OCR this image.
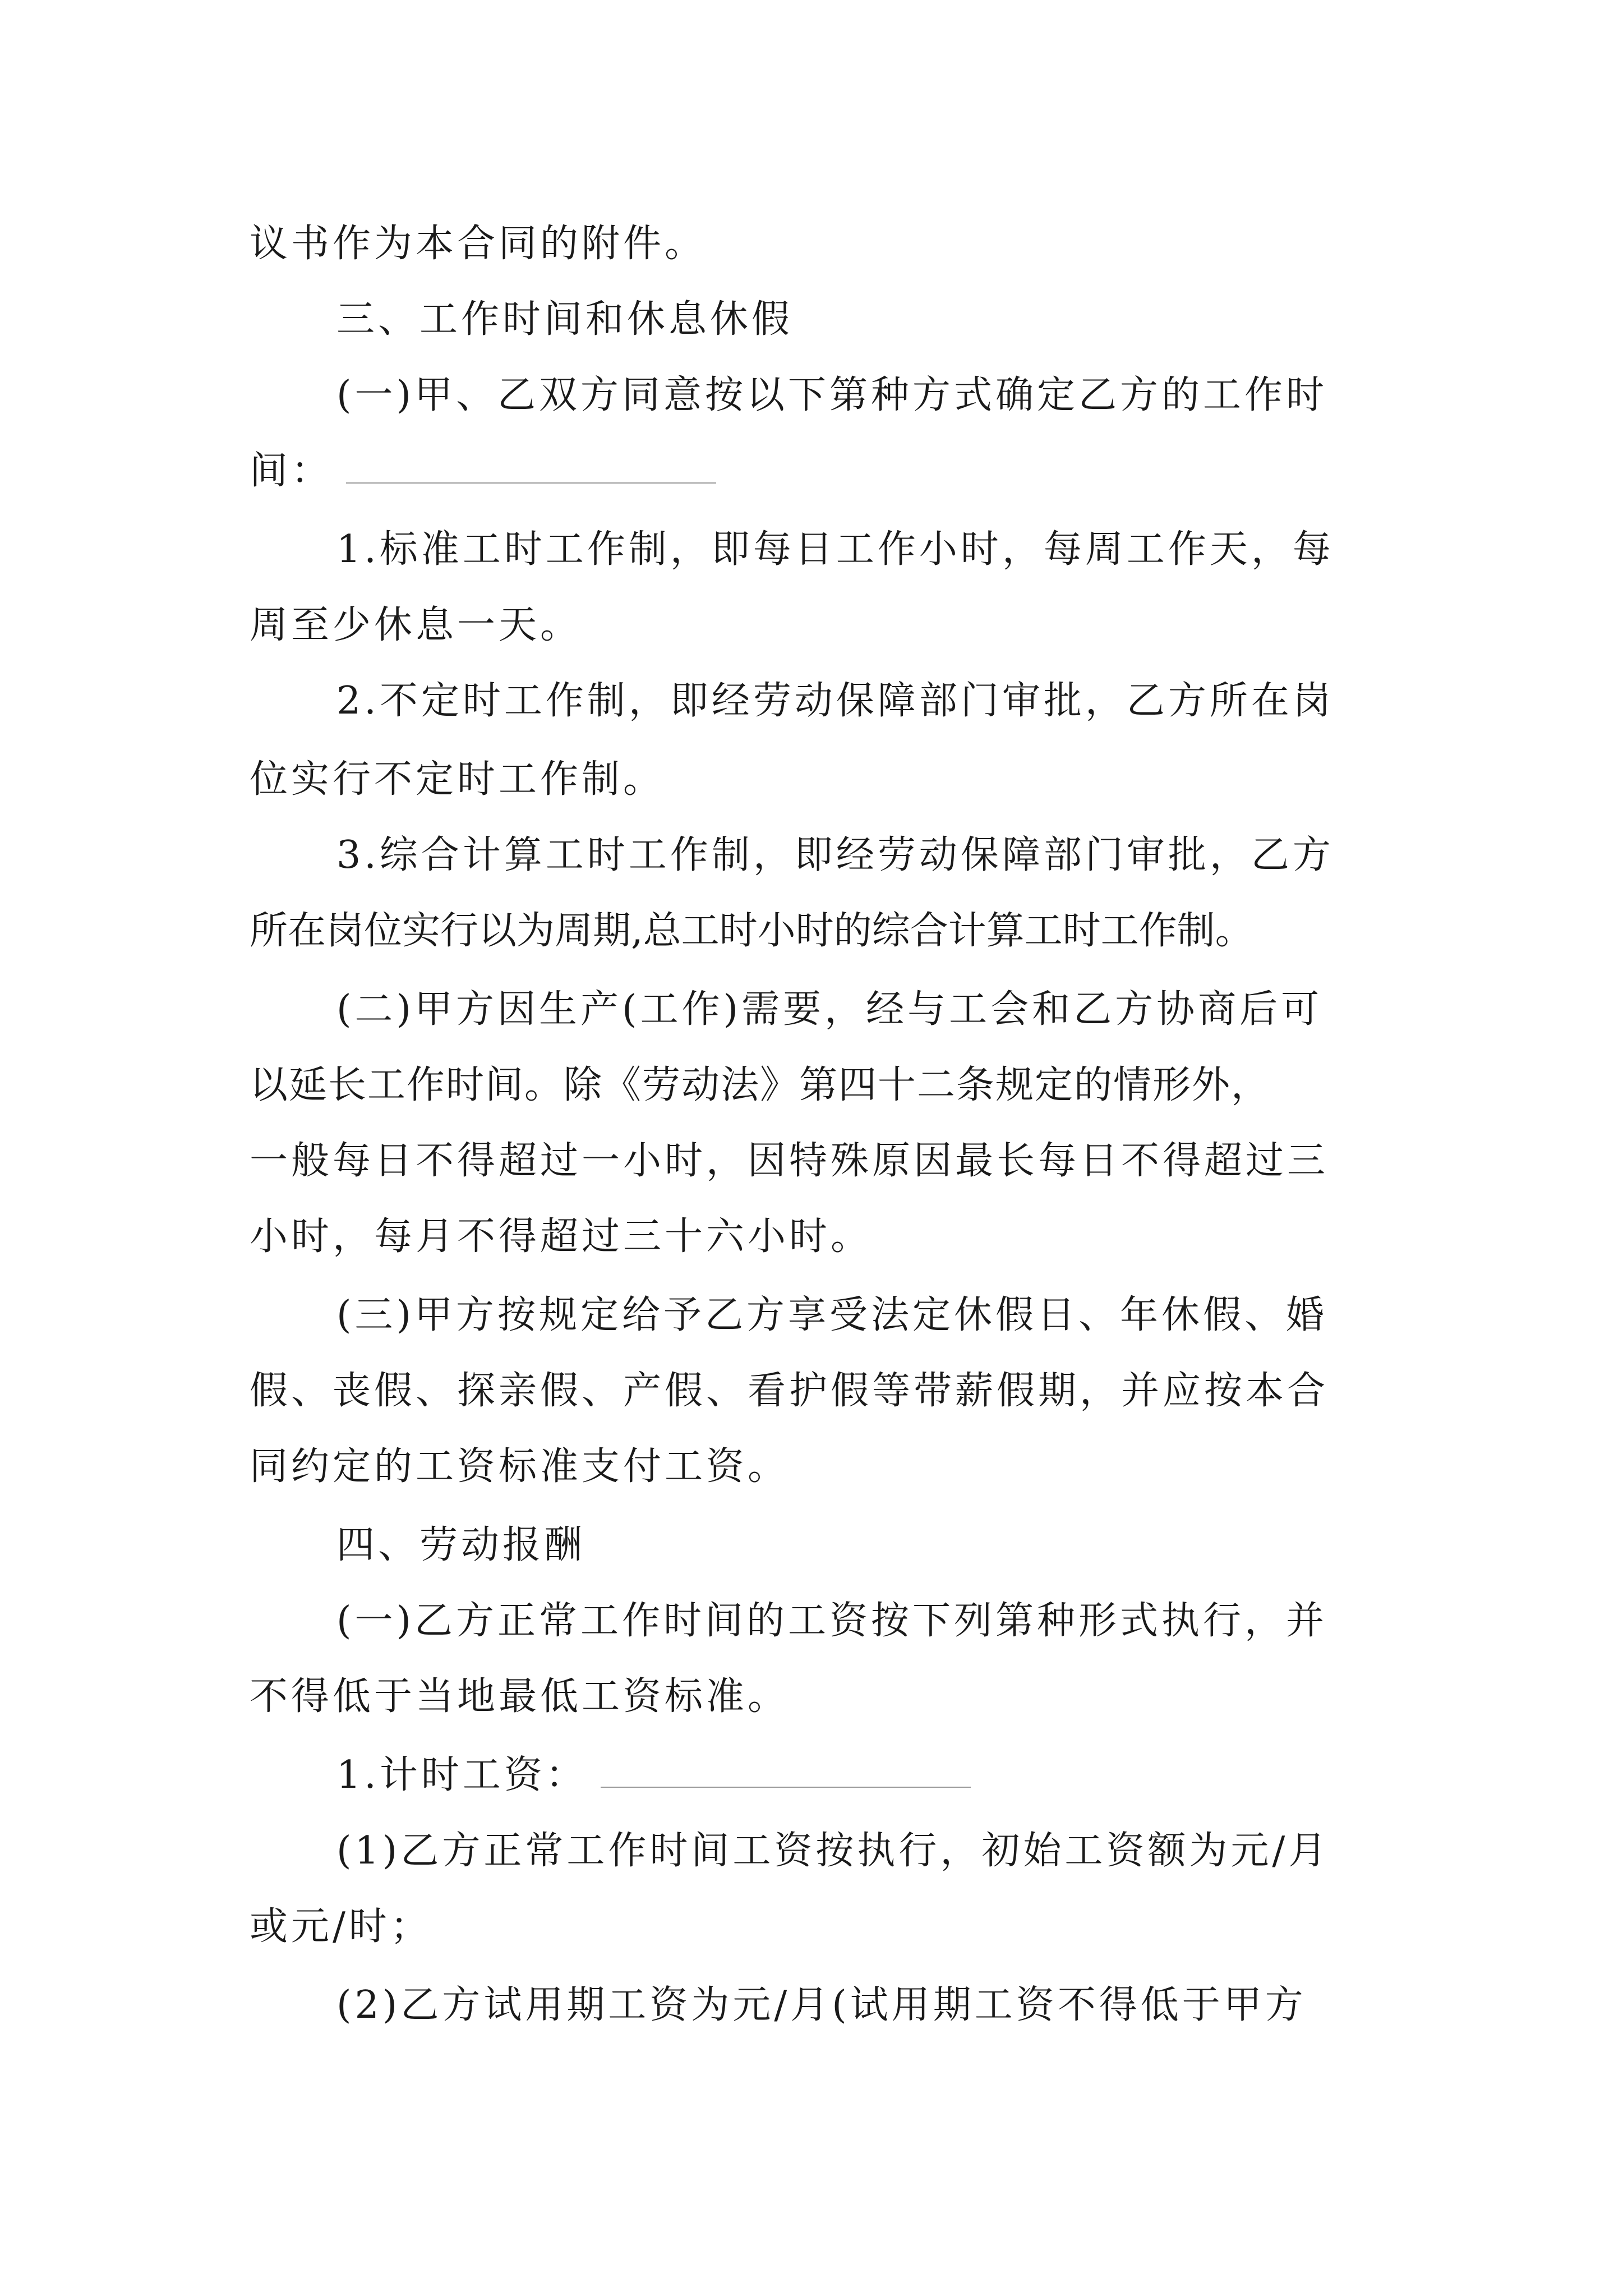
议书作为本合同的附件。
三、工作时间和休息休假
(一)甲、乙双方同意按以下第种方式确定乙方的工作时
间：
1.标准工时工作制，即每日工作小时，每周工作天，每
周至少休息一天。
2.不定时工作制，即经劳动保障部门审批，乙方所在岗
位实行不定时工作制。
3.综合计算工时工作制，即经劳动保障部门审批，乙方
所在岗位实行以为周期,总工时小时的综合计算工时工作制。
(二)甲方因生产(工作)需要，经与工会和乙方协商后可
以延长工作时间。除《劳动法》第四十二条规定的情形外，
一般每日不得超过一小时，因特殊原因最长每日不得超过三
小时，每月不得超过三十六小时。
(三)甲方按规定给予乙方享受法定休假日、年休假、婚
假、丧假、探亲假、产假、看护假等带薪假期，并应按本合
同约定的工资标准支付工资。
四、劳动报酬
(一)乙方正常工作时间的工资按下列第种形式执行，并
不得低于当地最低工资标准。
1.计时工资：
(1)乙方正常工作时间工资按执行，初始工资额为元/月
或元/时；
(2)乙方试用期工资为元/月(试用期工资不得低于甲方
